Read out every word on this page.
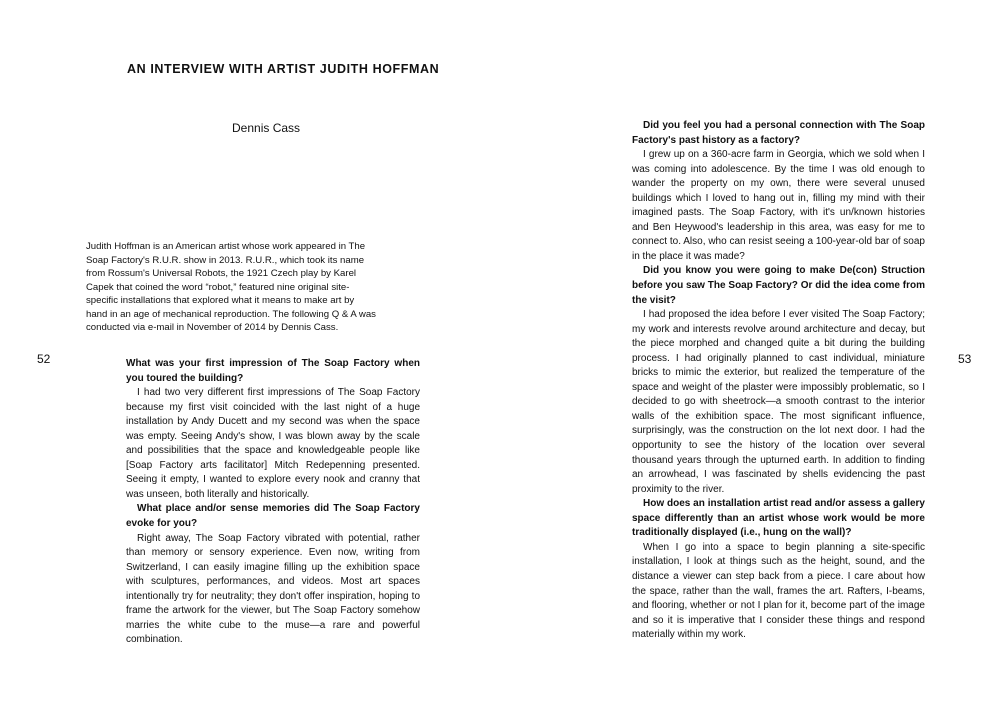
AN INTERVIEW WITH ARTIST JUDITH HOFFMAN
Dennis Cass

Judith Hoffman is an American artist whose work appeared in The Soap Factory's R.U.R. show in 2013. R.U.R., which took its name from Rossum's Universal Robots, the 1921 Czech play by Karel Capek that coined the word “robot,” featured nine original site-specific installations that explored what it means to make art by hand in an age of mechanical reproduction. The following Q & A was conducted via e-mail in November of 2014 by Dennis Cass.

52	53

What was your first impression of The Soap Factory when you toured the building?

I had two very different first impressions of The Soap Factory because my first visit coincided with the last night of a huge installation by Andy Ducett and my second was when the space was empty. Seeing Andy's show, I was blown away by the scale and possibilities that the space and knowledgeable people like [Soap Factory arts facilitator] Mitch Redepenning presented. Seeing it empty, I wanted to explore every nook and cranny that was unseen, both literally and historically.

What place and/or sense memories did The Soap Factory evoke for you?

Right away, The Soap Factory vibrated with potential, rather than memory or sensory experience. Even now, writing from Switzerland, I can easily imagine filling up the exhibition space with sculptures, performances, and videos. Most art spaces intentionally try for neutrality; they don't offer inspiration, hoping to frame the artwork for the viewer, but The Soap Factory somehow marries the white cube to the muse—a rare and powerful combination.

Did you feel you had a personal connection with The Soap Factory's past history as a factory?

I grew up on a 360-acre farm in Georgia, which we sold when I was coming into adolescence. By the time I was old enough to wander the property on my own, there were several unused buildings which I loved to hang out in, filling my mind with their imagined pasts. The Soap Factory, with it's un/known histories and Ben Heywood's leadership in this area, was easy for me to connect to. Also, who can resist seeing a 100-year-old bar of soap in the place it was made?

Did you know you were going to make De(con) Struction before you saw The Soap Factory? Or did the idea come from the visit?

I had proposed the idea before I ever visited The Soap Factory; my work and interests revolve around architecture and decay, but the piece morphed and changed quite a bit during the building process. I had originally planned to cast individual, miniature bricks to mimic the exterior, but realized the temperature of the space and weight of the plaster were impossibly problematic, so I decided to go with sheetrock—a smooth contrast to the interior walls of the exhibition space. The most significant influence, surprisingly, was the construction on the lot next door. I had the opportunity to see the history of the location over several thousand years through the upturned earth. In addition to finding an arrowhead, I was fascinated by shells evidencing the past proximity to the river.

How does an installation artist read and/or assess a gallery space differently than an artist whose work would be more traditionally displayed (i.e., hung on the wall)?

When I go into a space to begin planning a site-specific installation, I look at things such as the height, sound, and the distance a viewer can step back from a piece. I care about how the space, rather than the wall, frames the art. Rafters, I-beams, and flooring, whether or not I plan for it, become part of the image and so it is imperative that I consider these things and respond materially within my work.
